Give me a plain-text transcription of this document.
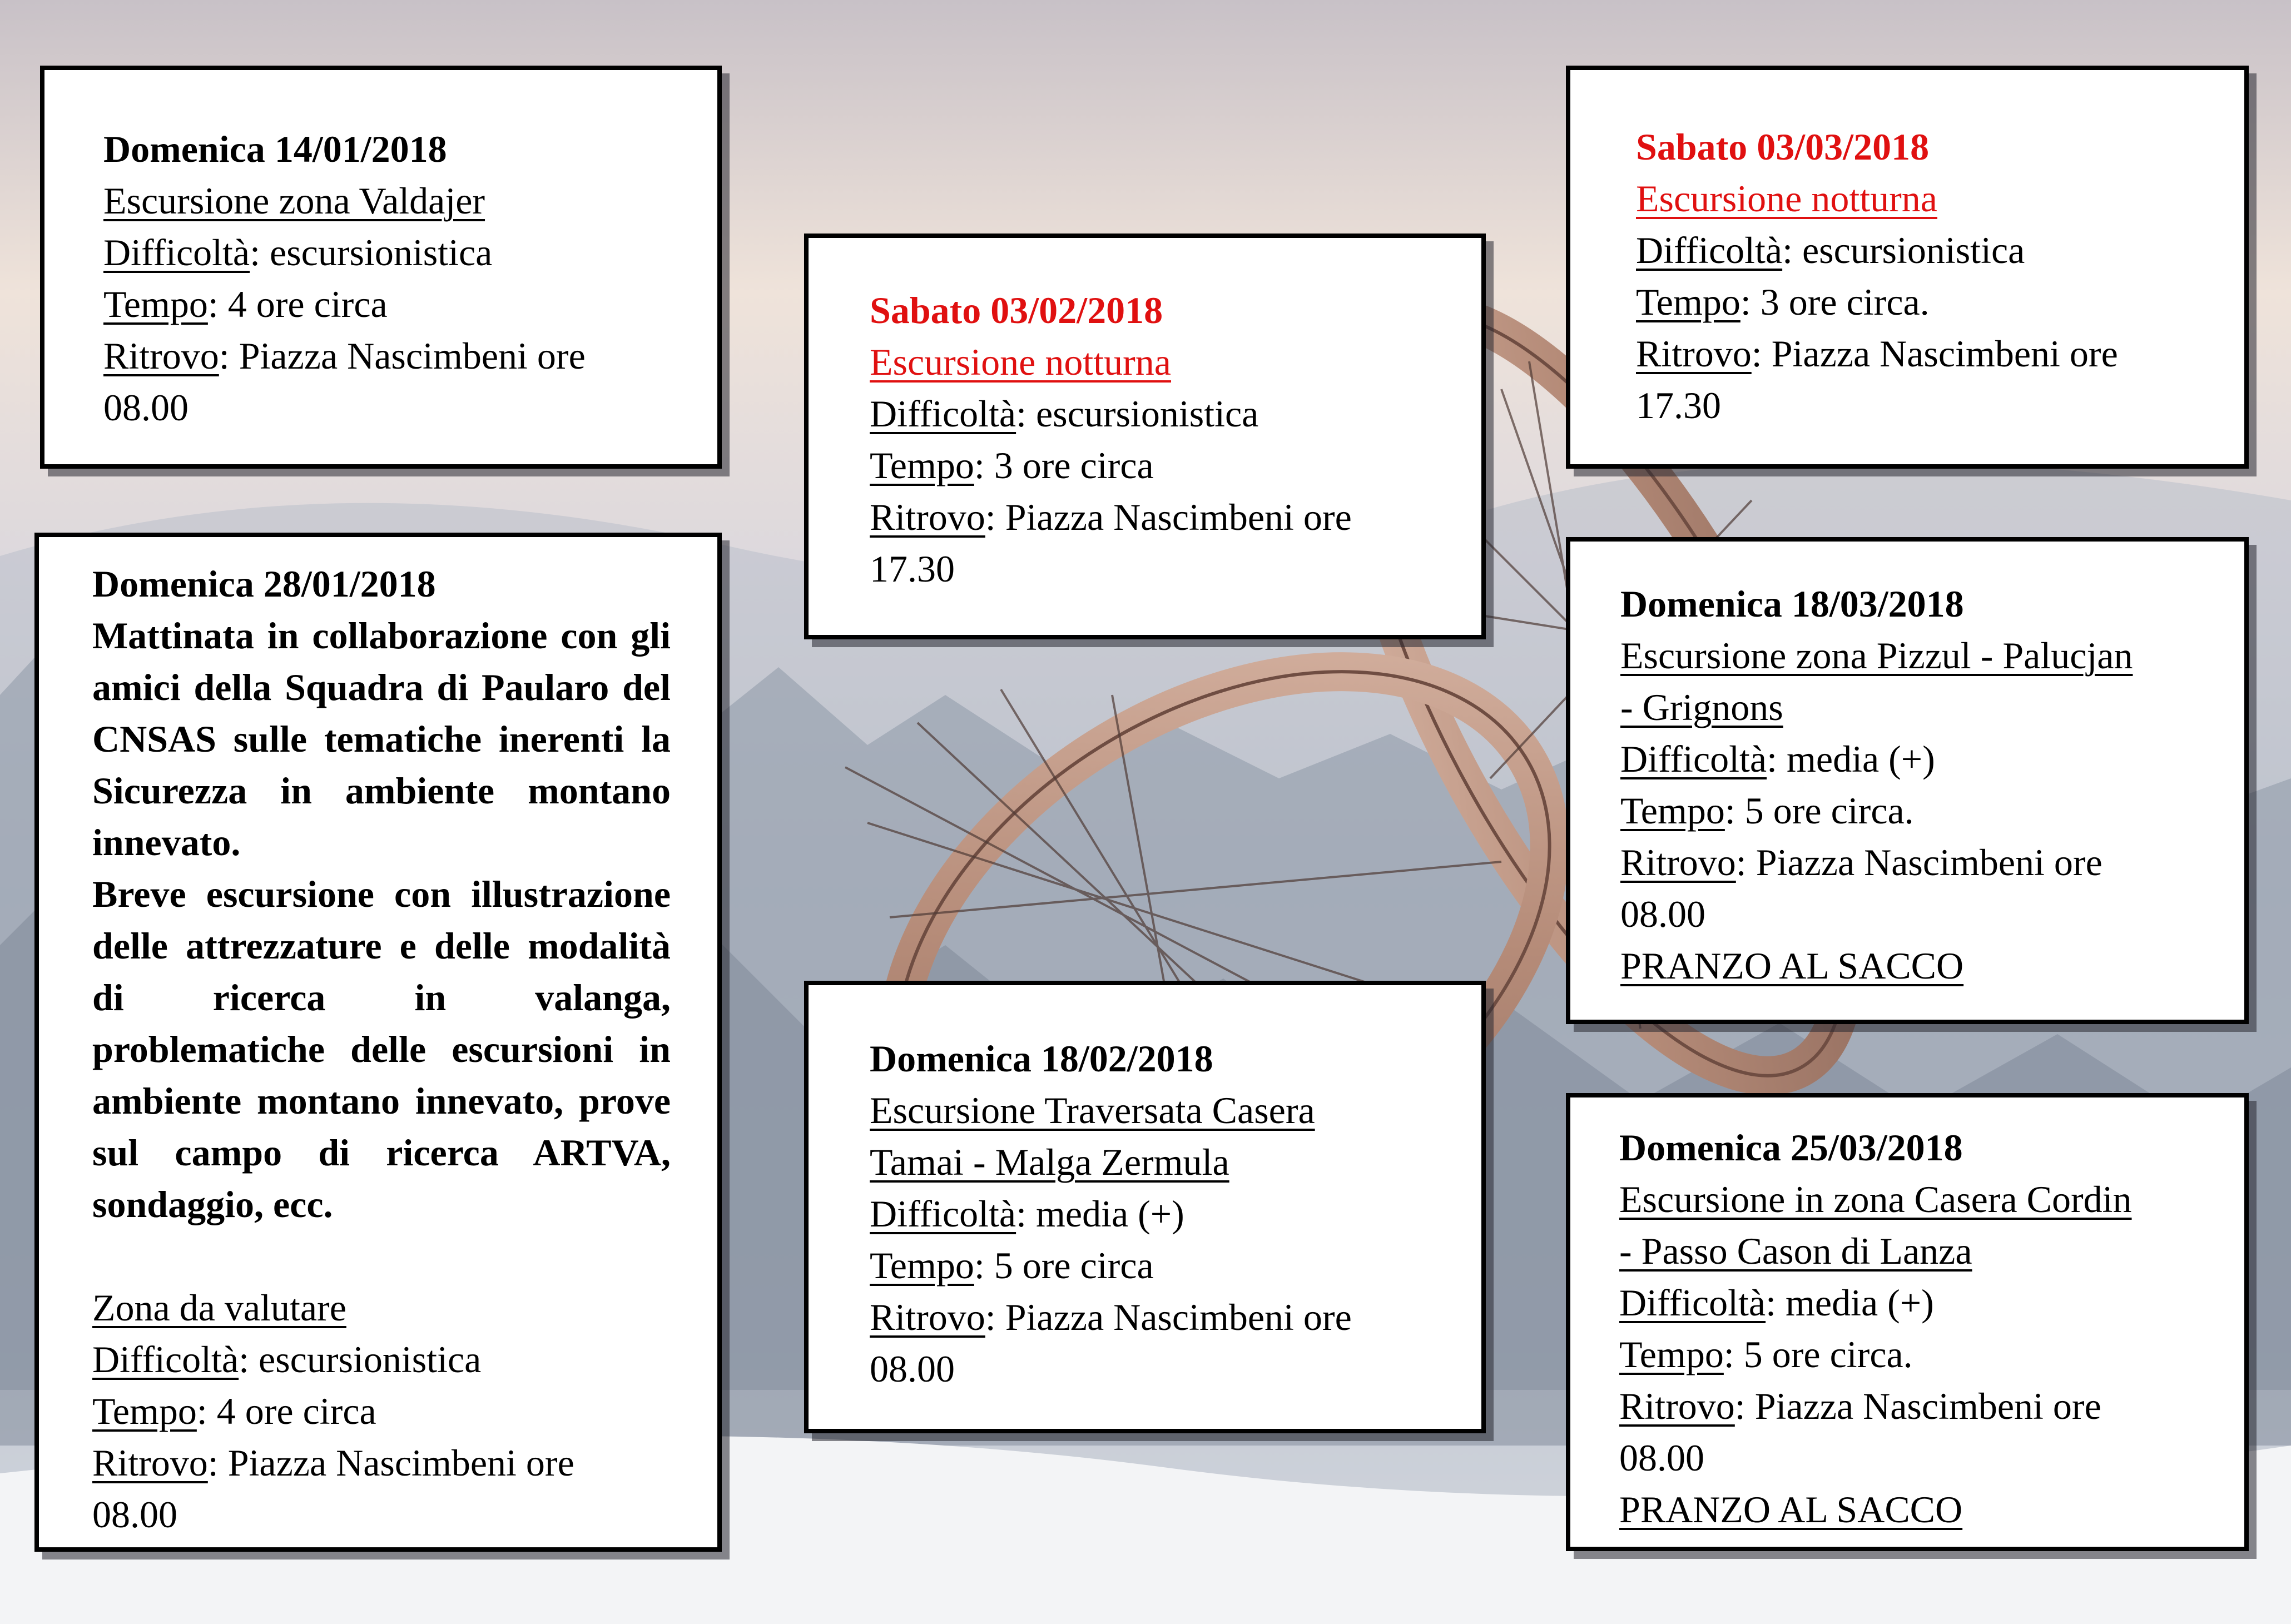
Domenica 14/01/2018
Escursione zona Valdajer
Difficoltà: escursionistica
Tempo: 4 ore circa
Ritrovo: Piazza Nascimbeni ore
08.00
Domenica 28/01/2018
Mattinata in collaborazione con gli amici della Squadra di Paularo del CNSAS sulle tematiche inerenti la Sicurezza in ambiente montano innevato.
Breve escursione con illustrazione delle attrezzature e delle modalità di ricerca in valanga, problematiche delle escursioni in ambiente montano innevato, prove sul campo di ricerca ARTVA, sondaggio, ecc.
Zona da valutare
Difficoltà: escursionistica
Tempo: 4 ore circa
Ritrovo: Piazza Nascimbeni ore
08.00
Sabato 03/02/2018
Escursione notturna
Difficoltà: escursionistica
Tempo: 3 ore circa
Ritrovo: Piazza Nascimbeni ore
17.30
Domenica 18/02/2018
Escursione Traversata Casera
Tamai - Malga Zermula
Difficoltà: media (+)
Tempo: 5 ore circa
Ritrovo: Piazza Nascimbeni ore
08.00
Sabato 03/03/2018
Escursione notturna
Difficoltà: escursionistica
Tempo: 3 ore circa.
Ritrovo: Piazza Nascimbeni ore
17.30
Domenica 18/03/2018
Escursione zona Pizzul - Palucjan
- Grignons
Difficoltà: media (+)
Tempo: 5 ore circa.
Ritrovo: Piazza Nascimbeni ore
08.00
PRANZO AL SACCO
Domenica 25/03/2018
Escursione in zona Casera Cordin
- Passo Cason di Lanza
Difficoltà: media (+)
Tempo: 5 ore circa.
Ritrovo: Piazza Nascimbeni ore
08.00
PRANZO AL SACCO
